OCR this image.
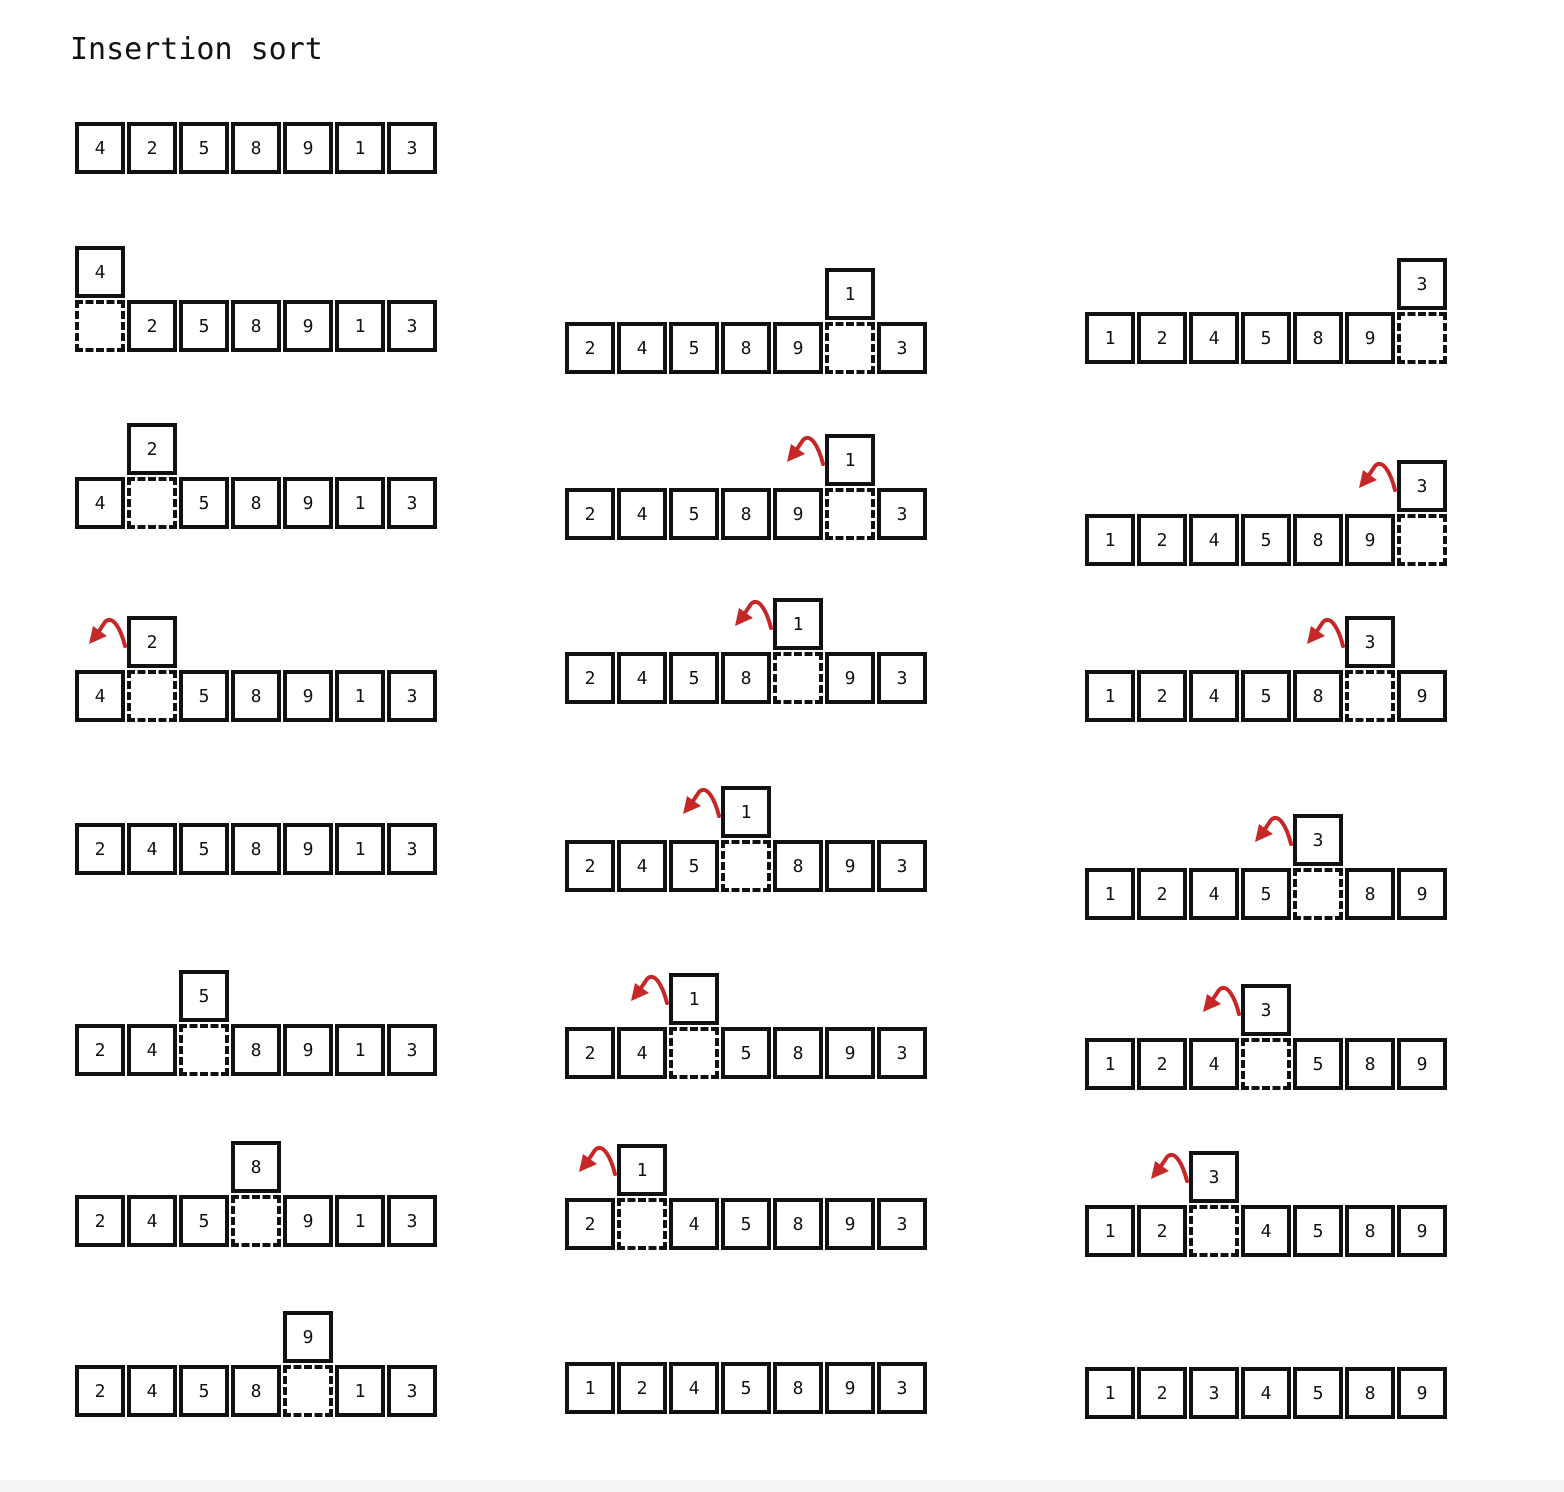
Insertion sort
4	2	5	8	9	1	3
2	5	8	9	1	3
4
4	5	8	9	1	3
2
4	5	8	9	1	3
2
2	4	5	8	9	1	3
2	4	8	9	1	3
5
2	4	5	9	1	3
8
2	4	5	8	1	3
9
2	4	5	8	9	3
1
2	4	5	8	9	3
1
2	4	5	8	9	3
1
2	4	5	8	9	3
1
2	4	5	8	9	3
1
2	4	5	8	9	3
1
1	2	4	5	8	9	3
1	2	4	5	8	9
3
1	2	4	5	8	9
3
1	2	4	5	8	9
3
1	2	4	5	8	9
3
1	2	4	5	8	9
3
1	2	4	5	8	9
3
1	2	3	4	5	8	9
